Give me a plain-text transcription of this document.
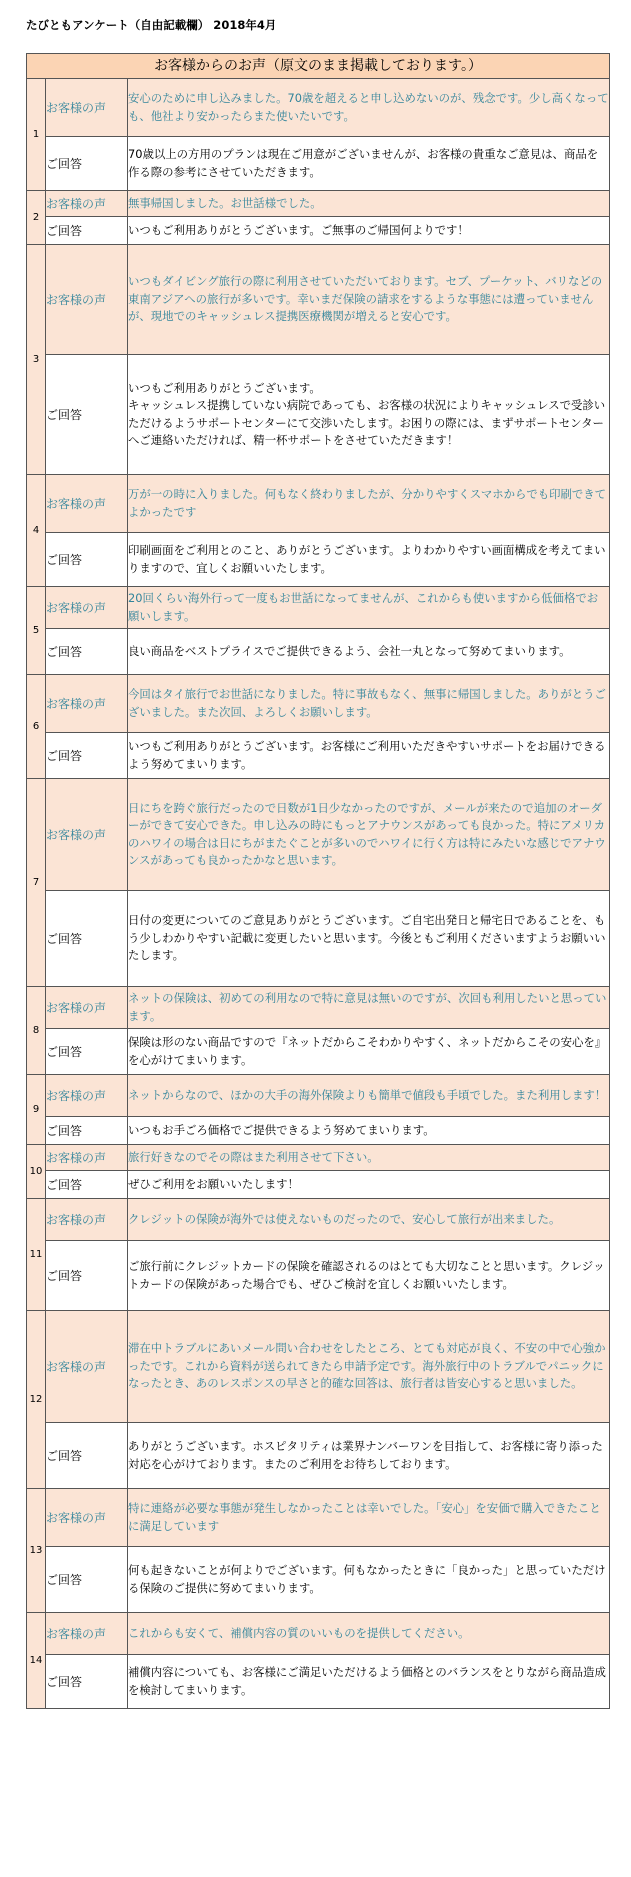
たびともアンケート（自由記載欄） 2018年4月
お客様からのお声（原文のまま掲載しております。）		
1	お客様の声	安心のために申し込みました。70歳を超えると申し込めないのが、残念です。少し高くなっても、他社より安かったらまた使いたいです。
	ご回答	70歳以上の方用のプランは現在ご用意がございませんが、お客様の貴重なご意見は、商品を作る際の参考にさせていただきます。
2	お客様の声	無事帰国しました。お世話様でした。
	ご回答	いつもご利用ありがとうございます。ご無事のご帰国何よりです！
3	お客様の声	いつもダイビング旅行の際に利用させていただいております。セブ、プーケット、バリなどの東南アジアへの旅行が多いです。幸いまだ保険の請求をするような事態には遭っていませんが、現地でのキャッシュレス提携医療機関が増えると安心です。
	ご回答	いつもご利用ありがとうございます。
キャッシュレス提携していない病院であっても、お客様の状況によりキャッシュレスで受診いただけるようサポートセンターにて交渉いたします。お困りの際には、まずサポートセンターへご連絡いただければ、精一杯サポートをさせていただきます！
4	お客様の声	万が一の時に入りました。何もなく終わりましたが、分かりやすくスマホからでも印刷できてよかったです
	ご回答	印刷画面をご利用とのこと、ありがとうございます。よりわかりやすい画面構成を考えてまいりますので、宜しくお願いいたします。
5	お客様の声	20回くらい海外行って一度もお世話になってませんが、これからも使いますから低価格でお願いします。
	ご回答	良い商品をベストプライスでご提供できるよう、会社一丸となって努めてまいります。
6	お客様の声	今回はタイ旅行でお世話になりました。特に事故もなく、無事に帰国しました。ありがとうございました。また次回、よろしくお願いします。
	ご回答	いつもご利用ありがとうございます。お客様にご利用いただきやすいサポートをお届けできるよう努めてまいります。
7	お客様の声	日にちを跨ぐ旅行だったので日数が1日少なかったのですが、メールが来たので追加のオーダーができて安心できた。申し込みの時にもっとアナウンスがあっても良かった。特にアメリカのハワイの場合は日にちがまたぐことが多いのでハワイに行く方は特にみたいな感じでアナウンスがあっても良かったかなと思います。
	ご回答	日付の変更についてのご意見ありがとうございます。ご自宅出発日と帰宅日であることを、もう少しわかりやすい記載に変更したいと思います。今後ともご利用くださいますようお願いいたします。
8	お客様の声	ネットの保険は、初めての利用なので特に意見は無いのですが、次回も利用したいと思っています。
	ご回答	保険は形のない商品ですので『ネットだからこそわかりやすく、ネットだからこその安心を』を心がけてまいります。
9	お客様の声	ネットからなので、ほかの大手の海外保険よりも簡単で値段も手頃でした。また利用します！
	ご回答	いつもお手ごろ価格でご提供できるよう努めてまいります。
10	お客様の声	旅行好きなのでその際はまた利用させて下さい。
	ご回答	ぜひご利用をお願いいたします！
11	お客様の声	クレジットの保険が海外では使えないものだったので、安心して旅行が出来ました。
	ご回答	ご旅行前にクレジットカードの保険を確認されるのはとても大切なことと思います。クレジットカードの保険があった場合でも、ぜひご検討を宜しくお願いいたします。
12	お客様の声	滞在中トラブルにあいメール問い合わせをしたところ、とても対応が良く、不安の中で心強かったです。これから資料が送られてきたら申請予定です。海外旅行中のトラブルでパニックになったとき、あのレスポンスの早さと的確な回答は、旅行者は皆安心すると思いました。
	ご回答	ありがとうございます。ホスピタリティは業界ナンバーワンを目指して、お客様に寄り添った対応を心がけております。またのご利用をお待ちしております。
13	お客様の声	特に連絡が必要な事態が発生しなかったことは幸いでした。「安心」を安価で購入できたことに満足しています
	ご回答	何も起きないことが何よりでございます。何もなかったときに「良かった」と思っていただける保険のご提供に努めてまいります。
14	お客様の声	これからも安くて、補償内容の質のいいものを提供してください。
	ご回答	補償内容についても、お客様にご満足いただけるよう価格とのバランスをとりながら商品造成を検討してまいります。
